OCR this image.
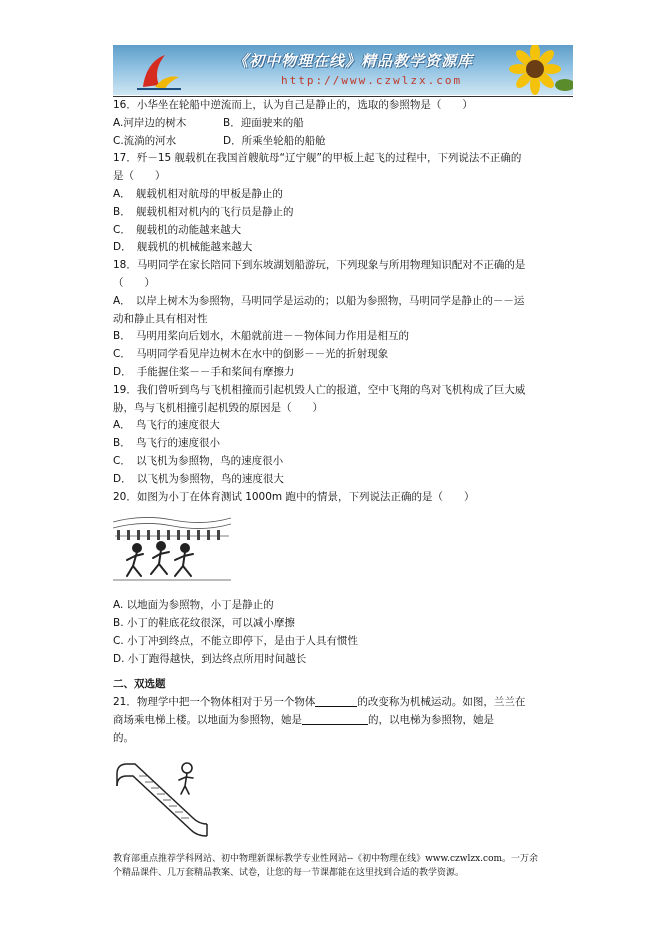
《初中物理在线》精品教学资源库
http://www.czwlzx.com
16．小华坐在轮船中逆流而上，认为自己是静止的，选取的参照物是（　　）
A.河岸边的树木	B．迎面驶来的船
C.流淌的河水	D．所乘坐轮船的船舱
17．歼－15 舰载机在我国首艘航母“辽宁舰”的甲板上起飞的过程中，下列说法不正确的
是（　　）
A．　舰载机相对航母的甲板是静止的
B．　舰载机相对机内的飞行员是静止的
C．　舰载机的动能越来越大
D．　舰载机的机械能越来越大
18．马明同学在家长陪同下到东坡湖划船游玩，下列现象与所用物理知识配对不正确的是
（　　）
A．　以岸上树木为参照物，马明同学是运动的；以船为参照物，马明同学是静止的－－运
动和静止具有相对性
B．　马明用桨向后划水，木船就前进－－物体间力作用是相互的
C．　马明同学看见岸边树木在水中的倒影－－光的折射现象
D．　手能握住桨－－手和桨间有摩擦力
19．我们曾听到鸟与飞机相撞而引起机毁人亡的报道，空中飞翔的鸟对飞机构成了巨大威
胁，鸟与飞机相撞引起机毁的原因是（　　）
A．　鸟飞行的速度很大
B．　鸟飞行的速度很小
C．　以飞机为参照物，鸟的速度很小
D．　以飞机为参照物，鸟的速度很大
20．如图为小丁在体育测试 1000m 跑中的情景，下列说法正确的是（　　）
A. 以地面为参照物，小丁是静止的
B. 小丁的鞋底花纹很深，可以减小摩擦
C. 小丁冲到终点，不能立即停下，是由于人具有惯性
D. 小丁跑得越快，到达终点所用时间越长
二、双选题
21．物理学中把一个物体相对于另一个物体	的改变称为机械运动。如图，兰兰在
商场乘电梯上楼。以地面为参照物，她是	的，以电梯为参照物，她是
的。
教育部重点推荐学科网站、初中物理新课标教学专业性网站--《初中物理在线》www.czwlzx.com。一万余
个精品课件、几万套精品教案、试卷，让您的每一节课都能在这里找到合适的教学资源。
